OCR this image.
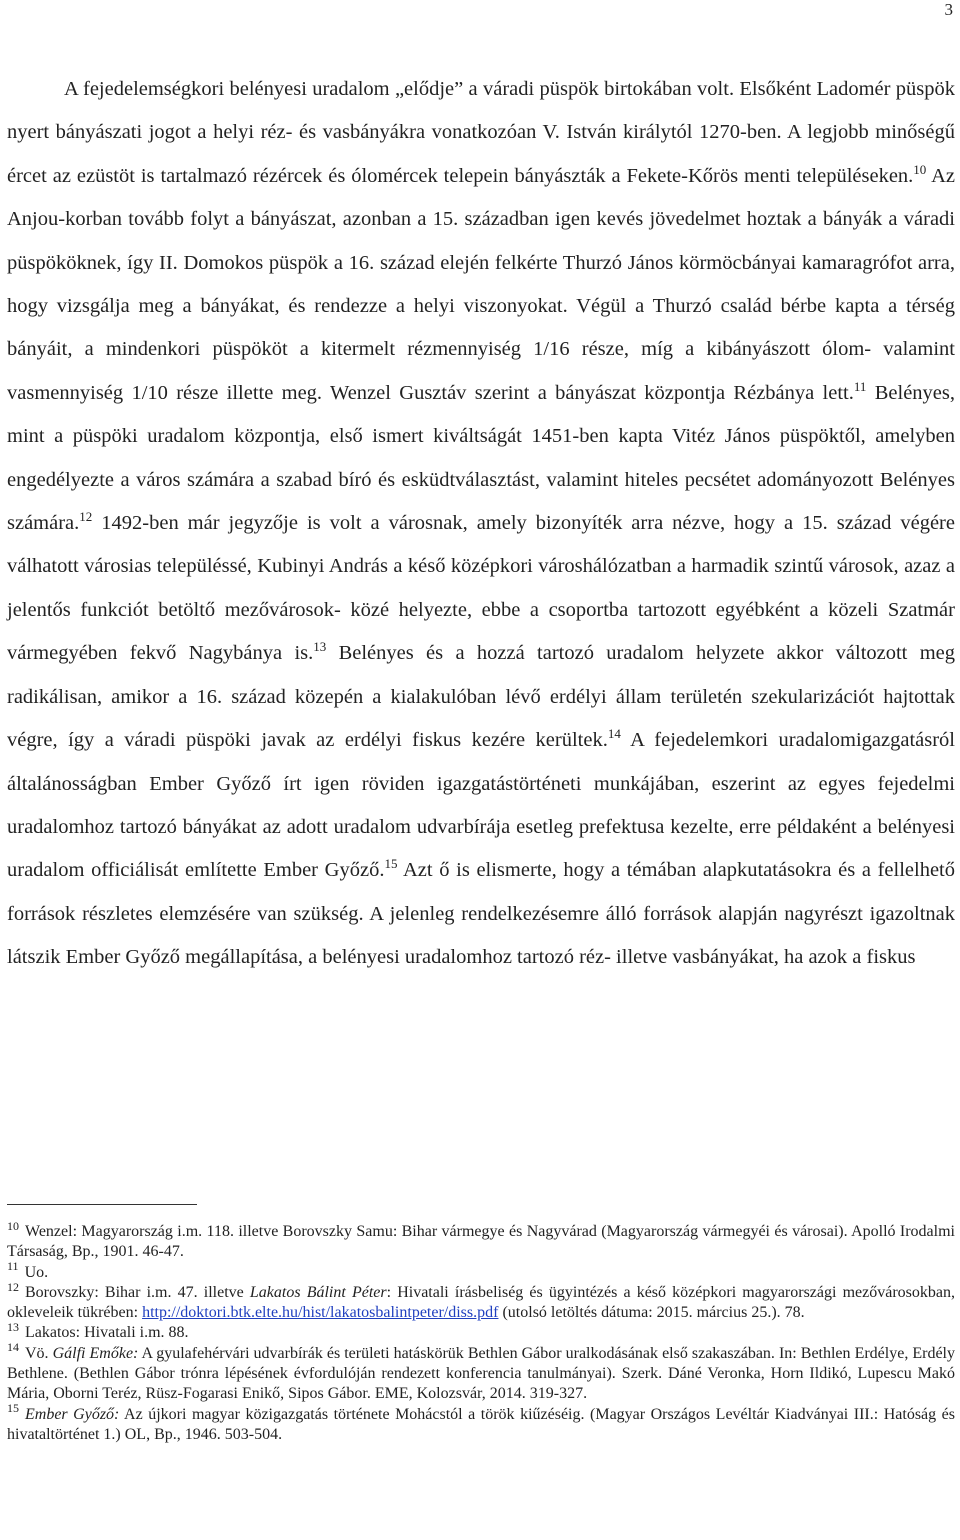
3

A fejedelemségkori belényesi uradalom „elődje” a váradi püspök birtokában volt. Elsőként Ladomér püspök nyert bányászati jogot a helyi réz- és vasbányákra vonatkozóan V. István királytól 1270-ben. A legjobb minőségű ércet az ezüstöt is tartalmazó rézércek és ólomércek telepein bányászták a Fekete-Kőrös menti településeken.$^{10}$ Az Anjou-korban tovább folyt a bányászat, azonban a 15. században igen kevés jövedelmet hoztak a bányák a váradi püspököknek, így II. Domokos püspök a 16. század elején felkérte Thurzó János körmöcbányai kamaragrófot arra, hogy vizsgálja meg a bányákat, és rendezze a helyi viszonyokat. Végül a Thurzó család bérbe kapta a térség bányáit, a mindenkori püspököt a kitermelt rézmennyiség 1/16 része, míg a kibányászott ólom- valamint vasmennyiség 1/10 része illette meg. Wenzel Gusztáv szerint a bányászat központja Rézbánya lett.$^{11}$ Belényes, mint a püspöki uradalom központja, első ismert kiváltságát 1451-ben kapta Vitéz János püspöktől, amelyben engedélyezte a város számára a szabad bíró és esküdtválasztást, valamint hiteles pecsétet adományozott Belényes számára.$^{12}$ 1492-ben már jegyzője is volt a városnak, amely bizonyíték arra nézve, hogy a 15. század végére válhatott városias településsé, Kubinyi András a késő középkori városhálózatban a harmadik szintű városok, azaz a jelentős funkciót betöltő mezővárosok- közé helyezte, ebbe a csoportba tartozott egyébként a közeli Szatmár vármegyében fekvő Nagybánya is.$^{13}$ Belényes és a hozzá tartozó uradalom helyzete akkor változott meg radikálisan, amikor a 16. század közepén a kialakulóban lévő erdélyi állam területén szekularizációt hajtottak végre, így a váradi püspöki javak az erdélyi fiskus kezére kerültek.$^{14}$ A fejedelemkori uradalomigazgatásról általánosságban Ember Győző írt igen röviden igazgatástörténeti munkájában, eszerint az egyes fejedelmi uradalomhoz tartozó bányákat az adott uradalom udvarbírája esetleg prefektusa kezelte, erre példaként a belényesi uradalom officiálisát említette Ember Győző.$^{15}$ Azt ő is elismerte, hogy a témában alapkutatásokra és a fellelhető források részletes elemzésére van szükség. A jelenleg rendelkezésemre álló források alapján nagyrészt igazoltnak látszik Ember Győző megállapítása, a belényesi uradalomhoz tartozó réz- illetve vasbányákat, ha azok a fiskus

$^{10}$ Wenzel: Magyarország i.m. 118. illetve Borovszky Samu: Bihar vármegye és Nagyvárad (Magyarország vármegyéi és városai). Apolló Irodalmi Társaság, Bp., 1901. 46-47.

$^{11}$ Uo.

$^{12}$ Borovszky: Bihar i.m. 47. illetve Lakatos Bálint Péter: Hivatali írásbeliség és ügyintézés a késő középkori magyarországi mezővárosokban, okleveleik tükrében: http://doktori.btk.elte.hu/hist/lakatosbalintpeter/diss.pdf (utolsó letöltés dátuma: 2015. március 25.). 78.

$^{13}$ Lakatos: Hivatali i.m. 88.

$^{14}$ Vö. Gálfi Emőke: A gyulafehérvári udvarbírák és területi hatáskörük Bethlen Gábor uralkodásának első szakaszában. In: Bethlen Erdélye, Erdély Bethlene. (Bethlen Gábor trónra lépésének évfordulóján rendezett konferencia tanulmányai). Szerk. Dáné Veronka, Horn Ildikó, Lupescu Makó Mária, Oborni Teréz, Rüsz-Fogarasi Enikő, Sipos Gábor. EME, Kolozsvár, 2014. 319-327.

$^{15}$ Ember Győző: Az újkori magyar közigazgatás története Mohácstól a török kiűzéséig. (Magyar Országos Levéltár Kiadványai III.: Hatóság és hivataltörténet 1.) OL, Bp., 1946. 503-504.
